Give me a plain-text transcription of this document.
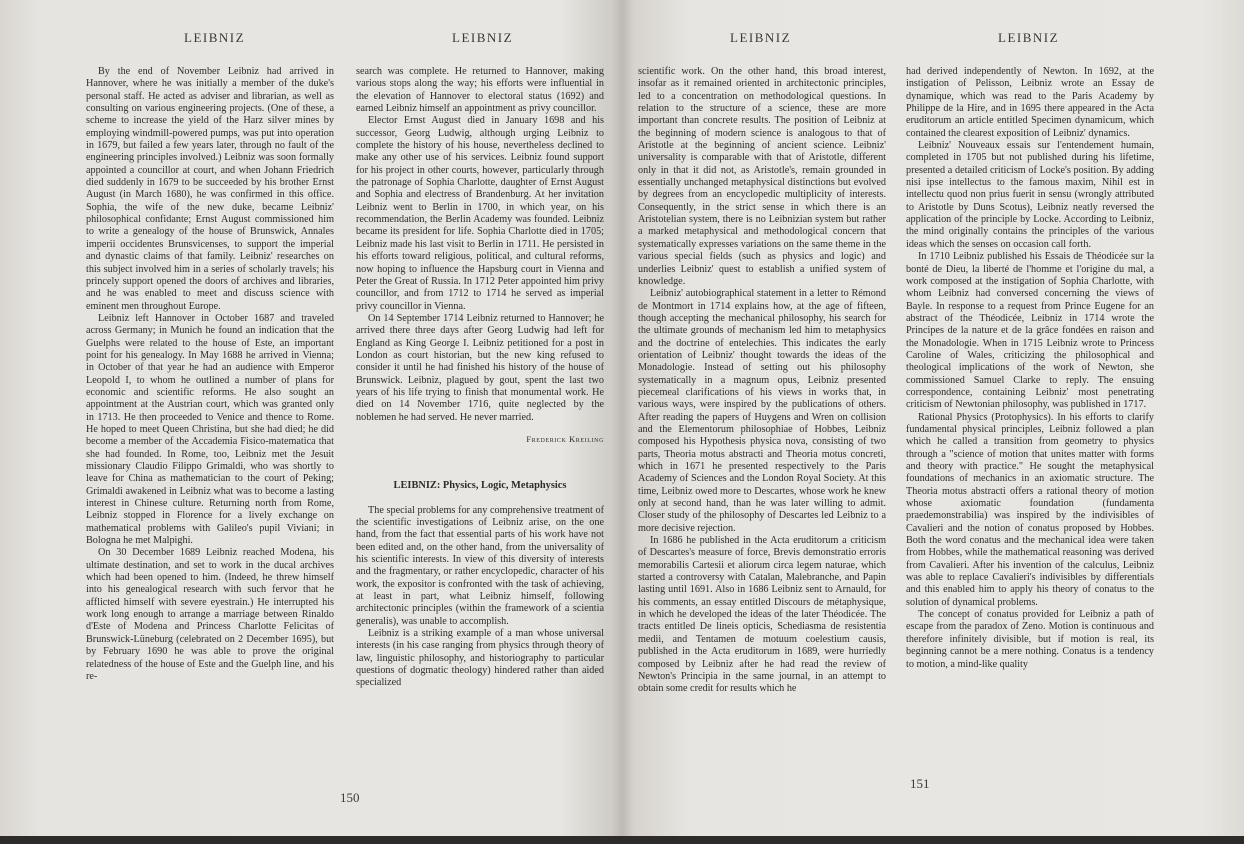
LEIBNIZ	LEIBNIZ

By the end of November Leibniz had arrived in Hannover, where he was initially a member of the duke's personal staff. He acted as adviser and librarian, as well as consulting on various engineering projects. (One of these, a scheme to increase the yield of the Harz silver mines by employing windmill-powered pumps, was put into operation in 1679, but failed a few years later, through no fault of the engineering principles involved.) Leibniz was soon formally appointed a councillor at court, and when Johann Friedrich died suddenly in 1679 to be succeeded by his brother Ernst August (in March 1680), he was confirmed in this office. Sophia, the wife of the new duke, became Leibniz' philosophical confidante; Ernst August commissioned him to write a genealogy of the house of Brunswick, Annales imperii occidentes Brunsvicenses, to support the imperial and dynastic claims of that family. Leibniz' researches on this subject involved him in a series of scholarly travels; his princely support opened the doors of archives and libraries, and he was enabled to meet and discuss science with eminent men throughout Europe.

Leibniz left Hannover in October 1687 and traveled across Germany; in Munich he found an indication that the Guelphs were related to the house of Este, an important point for his genealogy. In May 1688 he arrived in Vienna; in October of that year he had an audience with Emperor Leopold I, to whom he outlined a number of plans for economic and scientific reforms. He also sought an appointment at the Austrian court, which was granted only in 1713. He then proceeded to Venice and thence to Rome. He hoped to meet Queen Christina, but she had died; he did become a member of the Accademia Fisico-matematica that she had founded. In Rome, too, Leibniz met the Jesuit missionary Claudio Filippo Grimaldi, who was shortly to leave for China as mathematician to the court of Peking; Grimaldi awakened in Leibniz what was to become a lasting interest in Chinese culture. Returning north from Rome, Leibniz stopped in Florence for a lively exchange on mathematical problems with Galileo's pupil Viviani; in Bologna he met Malpighi.

On 30 December 1689 Leibniz reached Modena, his ultimate destination, and set to work in the ducal archives which had been opened to him. (Indeed, he threw himself into his genealogical research with such fervor that he afflicted himself with severe eyestrain.) He interrupted his work long enough to arrange a marriage between Rinaldo d'Este of Modena and Princess Charlotte Felicitas of Brunswick-Lüneburg (celebrated on 2 December 1695), but by February 1690 he was able to prove the original relatedness of the house of Este and the Guelph line, and his re-

search was complete. He returned to Hannover, making various stops along the way; his efforts were influential in the elevation of Hannover to electoral status (1692) and earned Leibniz himself an appointment as privy councillor.

Elector Ernst August died in January 1698 and his successor, Georg Ludwig, although urging Leibniz to complete the history of his house, nevertheless declined to make any other use of his services. Leibniz found support for his project in other courts, however, particularly through the patronage of Sophia Charlotte, daughter of Ernst August and Sophia and electress of Brandenburg. At her invitation Leibniz went to Berlin in 1700, in which year, on his recommendation, the Berlin Academy was founded. Leibniz became its president for life. Sophia Charlotte died in 1705; Leibniz made his last visit to Berlin in 1711. He persisted in his efforts toward religious, political, and cultural reforms, now hoping to influence the Hapsburg court in Vienna and Peter the Great of Russia. In 1712 Peter appointed him privy councillor, and from 1712 to 1714 he served as imperial privy councillor in Vienna.

On 14 September 1714 Leibniz returned to Hannover; he arrived there three days after Georg Ludwig had left for England as King George I. Leibniz petitioned for a post in London as court historian, but the new king refused to consider it until he had finished his history of the house of Brunswick. Leibniz, plagued by gout, spent the last two years of his life trying to finish that monumental work. He died on 14 November 1716, quite neglected by the noblemen he had served. He never married.

Frederick Kreiling
LEIBNIZ: Physics, Logic, Metaphysics

The special problems for any comprehensive treatment of the scientific investigations of Leibniz arise, on the one hand, from the fact that essential parts of his work have not been edited and, on the other hand, from the universality of his scientific interests. In view of this diversity of interests and the fragmentary, or rather encyclopedic, character of his work, the expositor is confronted with the task of achieving, at least in part, what Leibniz himself, following architectonic principles (within the framework of a scientia generalis), was unable to accomplish.

Leibniz is a striking example of a man whose universal interests (in his case ranging from physics through theory of law, linguistic philosophy, and historiography to particular questions of dogmatic theology) hindered rather than aided specialized

150
LEIBNIZ	LEIBNIZ

scientific work. On the other hand, this broad interest, insofar as it remained oriented in architectonic principles, led to a concentration on methodological questions. In relation to the structure of a science, these are more important than concrete results. The position of Leibniz at the beginning of modern science is analogous to that of Aristotle at the beginning of ancient science. Leibniz' universality is comparable with that of Aristotle, different only in that it did not, as Aristotle's, remain grounded in essentially unchanged metaphysical distinctions but evolved by degrees from an encyclopedic multiplicity of interests. Consequently, in the strict sense in which there is an Aristotelian system, there is no Leibnizian system but rather a marked metaphysical and methodological concern that systematically expresses variations on the same theme in the various special fields (such as physics and logic) and underlies Leibniz' quest to establish a unified system of knowledge.

Leibniz' autobiographical statement in a letter to Rémond de Montmort in 1714 explains how, at the age of fifteen, though accepting the mechanical philosophy, his search for the ultimate grounds of mechanism led him to metaphysics and the doctrine of entelechies. This indicates the early orientation of Leibniz' thought towards the ideas of the Monadologie. Instead of setting out his philosophy systematically in a magnum opus, Leibniz presented piecemeal clarifications of his views in works that, in various ways, were inspired by the publications of others. After reading the papers of Huygens and Wren on collision and the Elementorum philosophiae of Hobbes, Leibniz composed his Hypothesis physica nova, consisting of two parts, Theoria motus abstracti and Theoria motus concreti, which in 1671 he presented respectively to the Paris Academy of Sciences and the London Royal Society. At this time, Leibniz owed more to Descartes, whose work he knew only at second hand, than he was later willing to admit. Closer study of the philosophy of Descartes led Leibniz to a more decisive rejection.

In 1686 he published in the Acta eruditorum a criticism of Descartes's measure of force, Brevis demonstratio erroris memorabilis Cartesii et aliorum circa legem naturae, which started a controversy with Catalan, Malebranche, and Papin lasting until 1691. Also in 1686 Leibniz sent to Arnauld, for his comments, an essay entitled Discours de métaphysique, in which he developed the ideas of the later Théodicée. The tracts entitled De lineis opticis, Schediasma de resistentia medii, and Tentamen de motuum coelestium causis, published in the Acta eruditorum in 1689, were hurriedly composed by Leibniz after he had read the review of Newton's Principia in the same journal, in an attempt to obtain some credit for results which he

had derived independently of Newton. In 1692, at the instigation of Pelisson, Leibniz wrote an Essay de dynamique, which was read to the Paris Academy by Philippe de la Hire, and in 1695 there appeared in the Acta eruditorum an article entitled Specimen dynamicum, which contained the clearest exposition of Leibniz' dynamics.

Leibniz' Nouveaux essais sur l'entendement humain, completed in 1705 but not published during his lifetime, presented a detailed criticism of Locke's position. By adding nisi ipse intellectus to the famous maxim, Nihil est in intellectu quod non prius fuerit in sensu (wrongly attributed to Aristotle by Duns Scotus), Leibniz neatly reversed the application of the principle by Locke. According to Leibniz, the mind originally contains the principles of the various ideas which the senses on occasion call forth.

In 1710 Leibniz published his Essais de Théodicée sur la bonté de Dieu, la liberté de l'homme et l'origine du mal, a work composed at the instigation of Sophia Charlotte, with whom Leibniz had conversed concerning the views of Bayle. In response to a request from Prince Eugene for an abstract of the Théodicée, Leibniz in 1714 wrote the Principes de la nature et de la grâce fondées en raison and the Monadologie. When in 1715 Leibniz wrote to Princess Caroline of Wales, criticizing the philosophical and theological implications of the work of Newton, she commissioned Samuel Clarke to reply. The ensuing correspondence, containing Leibniz' most penetrating criticism of Newtonian philosophy, was published in 1717.

Rational Physics (Protophysics). In his efforts to clarify fundamental physical principles, Leibniz followed a plan which he called a transition from geometry to physics through a "science of motion that unites matter with forms and theory with practice." He sought the metaphysical foundations of mechanics in an axiomatic structure. The Theoria motus abstracti offers a rational theory of motion whose axiomatic foundation (fundamenta praedemonstrabilia) was inspired by the indivisibles of Cavalieri and the notion of conatus proposed by Hobbes. Both the word conatus and the mechanical idea were taken from Hobbes, while the mathematical reasoning was derived from Cavalieri. After his invention of the calculus, Leibniz was able to replace Cavalieri's indivisibles by differentials and this enabled him to apply his theory of conatus to the solution of dynamical problems.

The concept of conatus provided for Leibniz a path of escape from the paradox of Zeno. Motion is continuous and therefore infinitely divisible, but if motion is real, its beginning cannot be a mere nothing. Conatus is a tendency to motion, a mind-like quality

151
